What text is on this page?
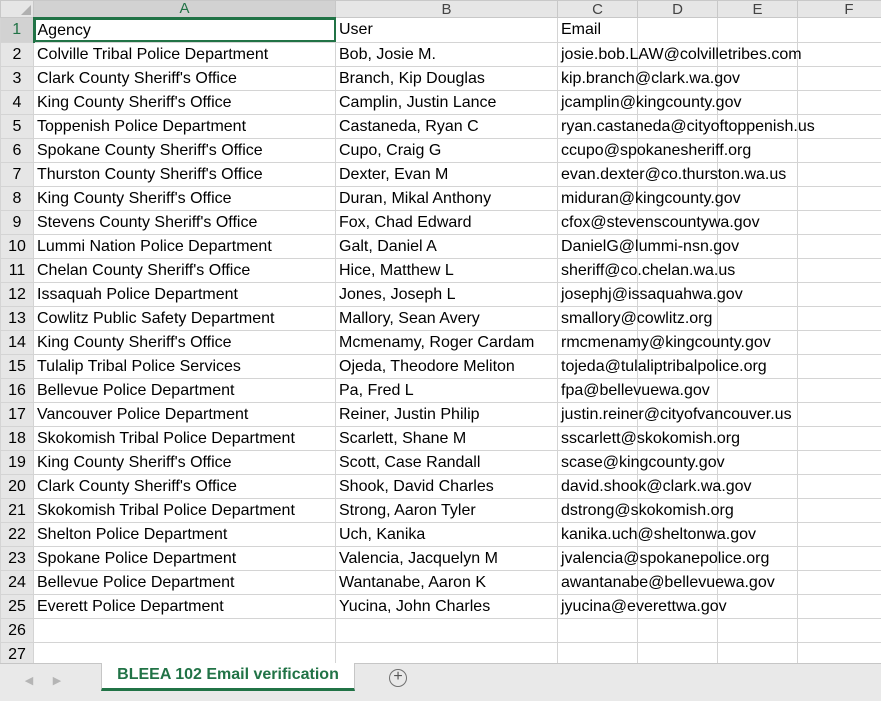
	A	B	C	D	E	F	
1	Agency	User	Email				
2	Colville Tribal Police Department	Bob, Josie M.	josie.bob.LAW@colvilletribes.com				
3	Clark County Sheriff's Office	Branch, Kip Douglas	kip.branch@clark.wa.gov				
4	King County Sheriff's Office	Camplin, Justin Lance	jcamplin@kingcounty.gov				
5	Toppenish Police Department	Castaneda, Ryan C	ryan.castaneda@cityoftoppenish.us				
6	Spokane County Sheriff's Office	Cupo, Craig G	ccupo@spokanesheriff.org				
7	Thurston County Sheriff's Office	Dexter, Evan M	evan.dexter@co.thurston.wa.us				
8	King County Sheriff's Office	Duran, Mikal Anthony	miduran@kingcounty.gov				
9	Stevens County Sheriff's Office	Fox, Chad Edward	cfox@stevenscountywa.gov				
10	Lummi Nation Police Department	Galt, Daniel A	DanielG@lummi-nsn.gov				
11	Chelan County Sheriff's Office	Hice, Matthew L	sheriff@co.chelan.wa.us				
12	Issaquah Police Department	Jones, Joseph L	josephj@issaquahwa.gov				
13	Cowlitz Public Safety Department	Mallory, Sean Avery	smallory@cowlitz.org				
14	King County Sheriff's Office	Mcmenamy, Roger Cardam	rmcmenamy@kingcounty.gov				
15	Tulalip Tribal Police Services	Ojeda, Theodore Meliton	tojeda@tulaliptribalpolice.org				
16	Bellevue Police Department	Pa, Fred L	fpa@bellevuewa.gov				
17	Vancouver Police Department	Reiner, Justin Philip	justin.reiner@cityofvancouver.us				
18	Skokomish Tribal Police Department	Scarlett, Shane M	sscarlett@skokomish.org				
19	King County Sheriff's Office	Scott, Case Randall	scase@kingcounty.gov				
20	Clark County Sheriff's Office	Shook, David Charles	david.shook@clark.wa.gov				
21	Skokomish Tribal Police Department	Strong, Aaron Tyler	dstrong@skokomish.org				
22	Shelton Police Department	Uch, Kanika	kanika.uch@sheltonwa.gov				
23	Spokane Police Department	Valencia, Jacquelyn M	jvalencia@spokanepolice.org				
24	Bellevue Police Department	Wantanabe, Aaron K	awantanabe@bellevuewa.gov				
25	Everett Police Department	Yucina, John Charles	jyucina@everettwa.gov				
26							
27							
◀ ▶	BLEEA 102 Email verification	+
